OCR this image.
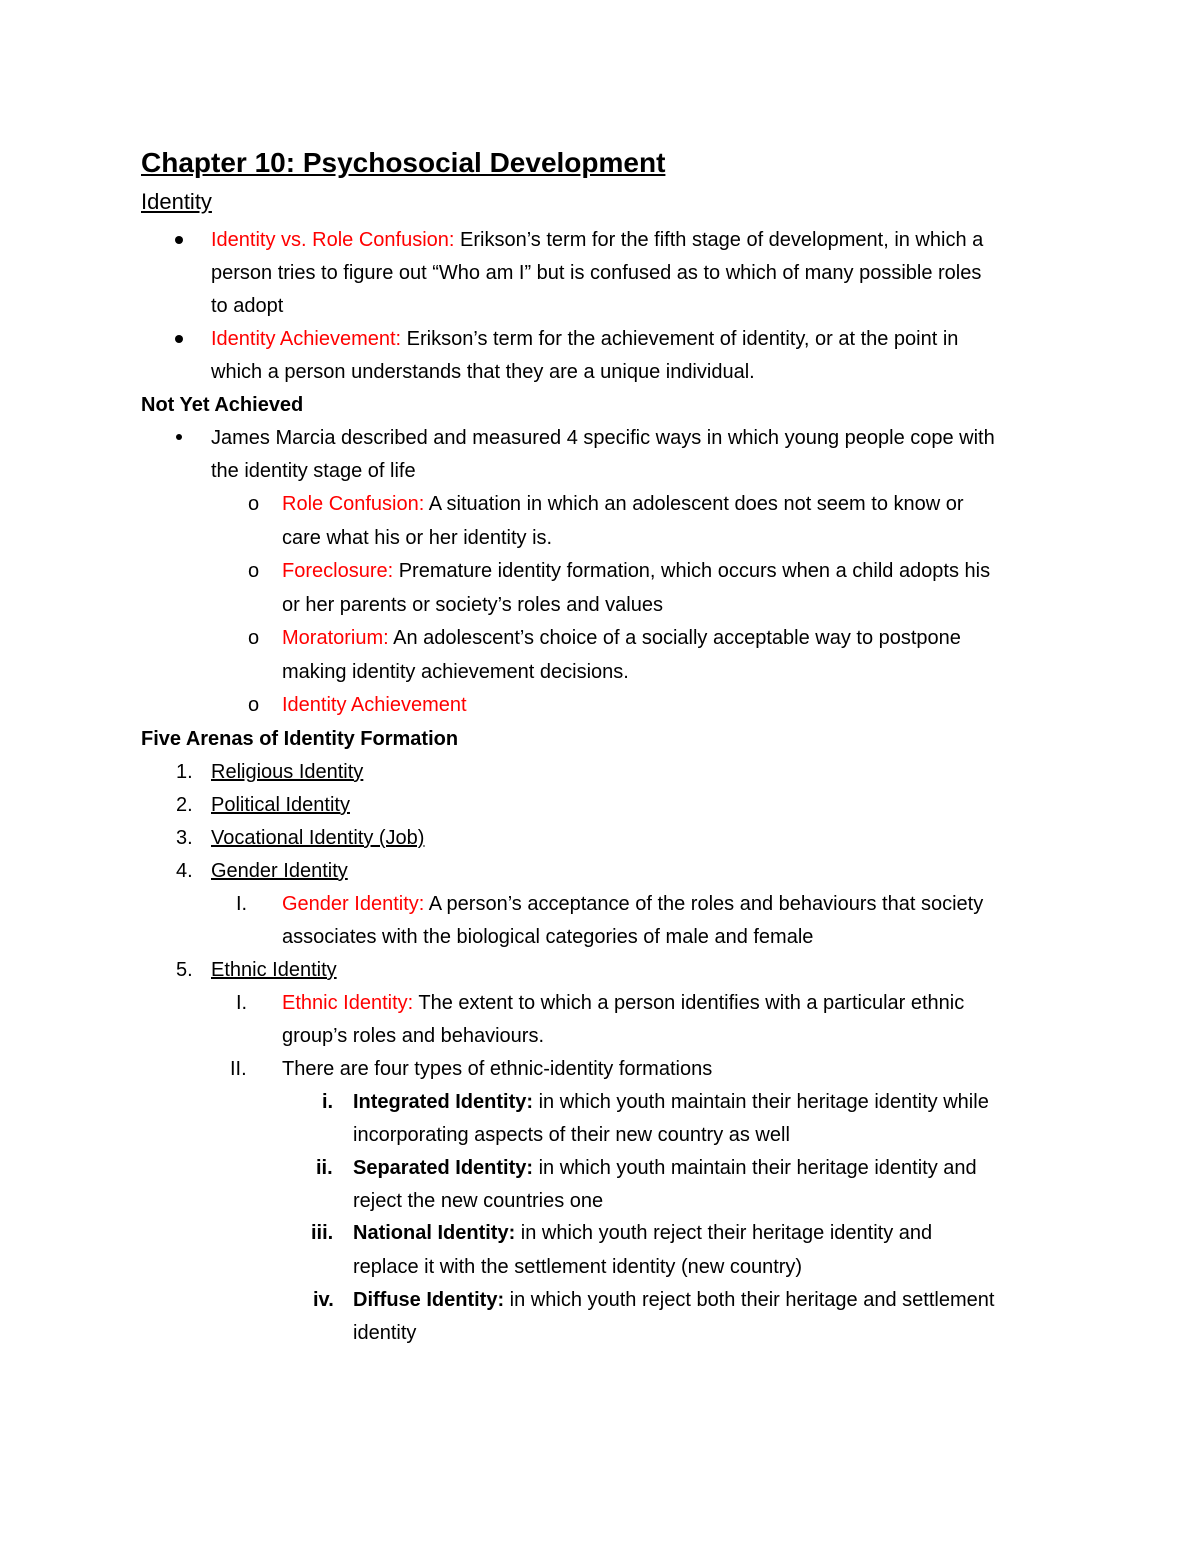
Chapter 10: Psychosocial Development
Identity
Identity vs. Role Confusion: Erikson’s term for the fifth stage of development, in which a
person tries to figure out “Who am I” but is confused as to which of many possible roles
to adopt
Identity Achievement: Erikson’s term for the achievement of identity, or at the point in
which a person understands that they are a unique individual.
Not Yet Achieved
James Marcia described and measured 4 specific ways in which young people cope with
the identity stage of life
o Role Confusion: A situation in which an adolescent does not seem to know or
care what his or her identity is.
o Foreclosure: Premature identity formation, which occurs when a child adopts his
or her parents or society’s roles and values
o Moratorium: An adolescent’s choice of a socially acceptable way to postpone
making identity achievement decisions.
o Identity Achievement
Five Arenas of Identity Formation
1. Religious Identity
2. Political Identity
3. Vocational Identity (Job)
4. Gender Identity
I. Gender Identity: A person’s acceptance of the roles and behaviours that society
associates with the biological categories of male and female
5. Ethnic Identity
I. Ethnic Identity: The extent to which a person identifies with a particular ethnic
group’s roles and behaviours.
II. There are four types of ethnic-identity formations
i. Integrated Identity: in which youth maintain their heritage identity while
incorporating aspects of their new country as well
ii. Separated Identity: in which youth maintain their heritage identity and
reject the new countries one
iii. National Identity: in which youth reject their heritage identity and
replace it with the settlement identity (new country)
iv. Diffuse Identity: in which youth reject both their heritage and settlement
identity
